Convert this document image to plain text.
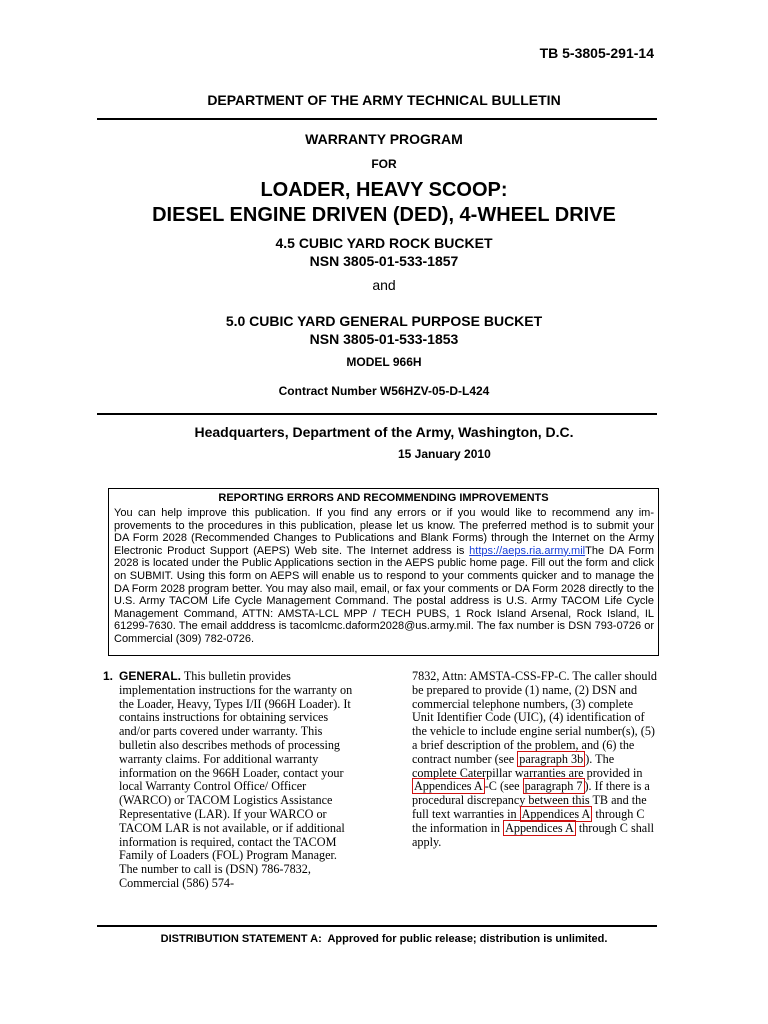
TB 5-3805-291-14
DEPARTMENT OF THE ARMY TECHNICAL BULLETIN
WARRANTY PROGRAM
FOR
LOADER, HEAVY SCOOP:
DIESEL ENGINE DRIVEN (DED), 4-WHEEL DRIVE
4.5 CUBIC YARD ROCK BUCKET
NSN 3805-01-533-1857
and
5.0 CUBIC YARD GENERAL PURPOSE BUCKET
NSN 3805-01-533-1853
MODEL 966H
Contract Number W56HZV-05-D-L424
Headquarters, Department of the Army, Washington, D.C.
15 January 2010
REPORTING ERRORS AND RECOMMENDING IMPROVEMENTS
You can help improve this publication. If you find any errors or if you would like to recommend any im-provements to the procedures in this publication, please let us know. The preferred method is to submit your DA Form 2028 (Recommended Changes to Publications and Blank Forms) through the Internet on the Army Electronic Product Support (AEPS) Web site. The Internet address is https://aeps.ria.army.milThe DA Form 2028 is located under the Public Applications section in the AEPS public home page. Fill out the form and click on SUBMIT. Using this form on AEPS will enable us to respond to your comments quicker and to manage the DA Form 2028 program better. You may also mail, email, or fax your comments or DA Form 2028 directly to the U.S. Army TACOM Life Cycle Management Command. The postal address is U.S. Army TACOM Life Cycle Management Command, ATTN: AMSTA-LCL MPP / TECH PUBS, 1 Rock Island Arsenal, Rock Island, IL 61299-7630. The email adddress is tacomlcmc.daform2028@us.army.mil. The fax number is DSN 793-0726 or Commercial (309) 782-0726.
1. GENERAL. This bulletin provides implementation instructions for the warranty on the Loader, Heavy, Types I/II (966H Loader). It contains instructions for obtaining services and/or parts covered under warranty. This bulletin also describes methods of processing warranty claims. For additional warranty information on the 966H Loader, contact your local Warranty Control Office/ Officer (WARCO) or TACOM Logistics Assistance Representative (LAR). If your WARCO or TACOM LAR is not available, or if additional information is required, contact the TACOM Family of Loaders (FOL) Program Manager. The number to call is (DSN) 786-7832, Commercial (586) 574-
7832, Attn: AMSTA-CSS-FP-C. The caller should be prepared to provide (1) name, (2) DSN and commercial telephone numbers, (3) complete Unit Identifier Code (UIC), (4) identification of the vehicle to include engine serial number(s), (5) a brief description of the problem, and (6) the contract number (see paragraph 3b ). The complete Caterpillar warranties are provided in Appendices A -C (see paragraph 7 ). If there is a procedural discrepancy between this TB and the full text warranties in Appendices A through C the information in Appendices A through C shall apply.
DISTRIBUTION STATEMENT A:  Approved for public release; distribution is unlimited.
